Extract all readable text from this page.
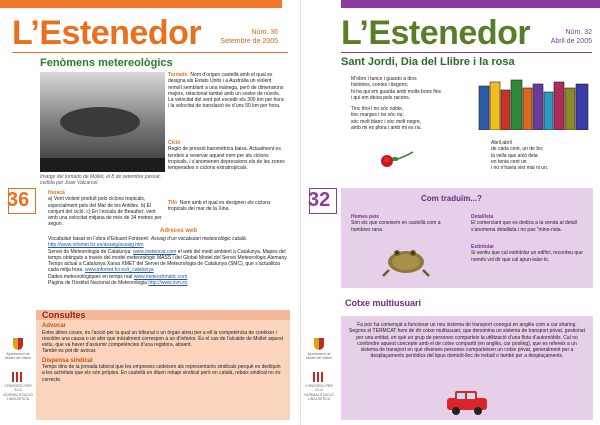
L’Estenedor	Núm. 36
Setembre de 2005
Fenòmens metereològics
Imatge del tornado de Mollet, el 8 de setembre passat, cedida per Joan Valcarcel.
Tornado Nom d’origen castellà amb el qual es designa als Estats Units i a Austràlia un violent remolí semblant a una mànega, però de dimensions majors, relacionat també amb un sostre de núvols. La velocitat del vent pot excedir els 300 km per hora i la velocitat de translació és d’uns 50 km per hora.
Cicló
Regió de pressió baromètrica baixa. Actualment es tendeix a reservar aquest nom per als ciclons tropicals, i s’anomenen depressions els de les zones temperades o ciclons extratropicals.
Tifó Nom amb el qual es designen els ciclons tropicals del mar de la Xina.
36	Huracà
a) Vent violent produït pels ciclons tropicals, especialment pels del Mar de les Antilles. b) El conjunt del cicló. c) En l’escala de Beaufort, vent amb una velocitat mitjana de més de 34 metres per segon.
Adreces web
Vocabulari basat en l’obra d’Eduard Fontseré: Assaig d’un vocabulari meteorològic català.
http://www.infomet.fcr.es/assaig/assaig.htm
Servei de Meteorologia de Catalunya: www.meteocat.com el web del medi ambient a Catalunya. Mapes del temps obtinguts a través del model meteorològic MASS i del Global Model del Servei Meteorològic Alemany.
Temps actual a Catalunya Xarxa XMET del Servei de Meteorologia de Catalunya (SMC), que s’actualitza cada mitja hora. www.infomet.fcr.es/t_catalunya
Dades meteorològiques en temps real www.meteoclimatic.com
Pàgina de l’Institut Nacional de Meteorologia http://www.inm.es
Consultes
Advocar
Entre altres coses, és l’acció per la qual un tribunal o un òrgan atreu per a ell la competència de conèixer i resoldre una causa o un afer que inicialment correspon a un d’inferior. És el cas de l’alcalde de Mollet aquest estiu, que va haver d’assumir competències d’una regidora, absent.
També es pot dir avocar.
Dispensa sindical
Temps dins de la jornada laboral que les empreses cedeixen als representants sindicals perquè es dediquin a les activitats que els són pròpies. En castellà en diuen rebaje sindical però en català, rebaix sindical no és correcte.
Ajuntament de Mollet del Vallès
CONSORCI PER A LA NORMALITZACIÓ LINGÜÍSTICA
L’Estenedor	Núm. 32
Abril de 2005
Sant Jordi, Dia del Llibre i la rosa
M’obro i tanco i guardo a dins
històries, contes i llegons;
hi ha qui em guarda amb molts bons fins
i qui em deixa pels racons.
Tinc títol i no sóc noble,
tinc marges i no sóc riu;
sóc molt blanc i sóc molt negre,
amb mi es plora i amb mi es riu.
Abril,abril
de cada cent, un de bo;
la vella que això deia
en tenia cent un
i no n’havia vist mai ni un.
32	Com traduïm...?
Homes peix
Són els que coneixem en castellà com a hombres rana.
Detallista
El comerciant que es dedica a la venda al detall s’anomena detallista i no pas “mino-rista.
Estintolar
Si sentiu que cal estintolar un edifici, recordeu que només vol dir que cal apun-talar-lo.
Cotxe multiusuari
Fa poc ha començat a funcionar un nou sistema de transport conegut en anglès com a car sharing. Segons el TERMCAT hem de dir cotxe multiusuari, que denomina un sistema de transport privat, gestionat per una entitat, en què un grup de persones comparteix la utilització d’una flota d’automòbils. Cal no confondre aquest concepte amb el de cotxe compartit (en anglès, car pooling), que es refereix a un sistema de transport en què diverses persones comparteixen un cotxe privat, generalment per a desplaçaments periòdics del tipus domicili-lloc de treball o també per a desplaçaments.
Ajuntament de Mollet del Vallès
CONSORCI PER A LA NORMALITZACIÓ LINGÜÍSTICA
